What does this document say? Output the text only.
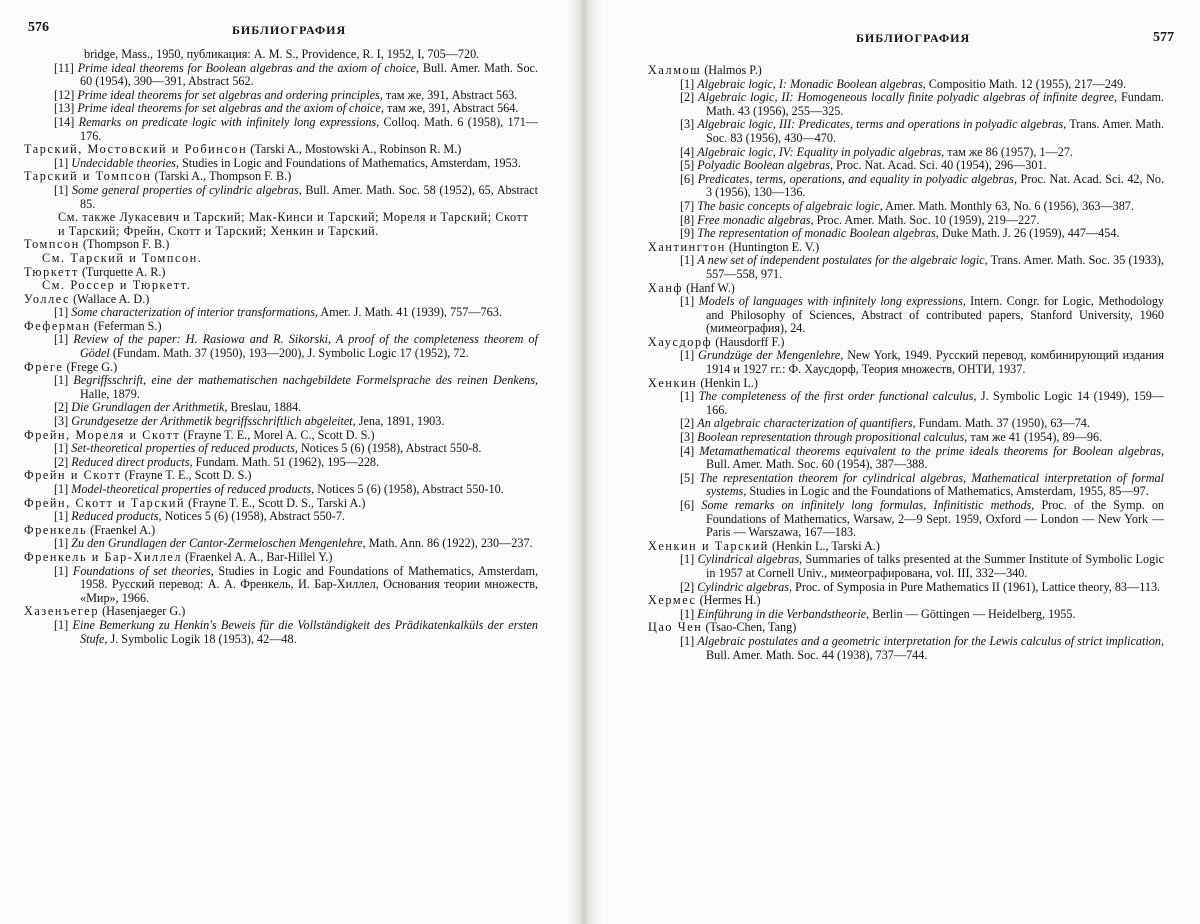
576	БИБЛИОГРАФИЯ
bridge, Mass., 1950, публикация: A. M. S., Providence, R. I, 1952, I, 705—720.
[11] Prime ideal theorems for Boolean algebras and the axiom of choice, Bull. Amer. Math. Soc. 60 (1954), 390—391, Abstract 562.
[12] Prime ideal theorems for set algebras and ordering principles, там же, 391, Abstract 563.
[13] Prime ideal theorems for set algebras and the axiom of choice, там же, 391, Abstract 564.
[14] Remarks on predicate logic with infinitely long expressions, Colloq. Math. 6 (1958), 171—176.
Тарский, Мостовский и Робинсон (Tarski A., Mostowski A., Robinson R. M.)
[1] Undecidable theories, Studies in Logic and Foundations of Mathematics, Amsterdam, 1953.
Тарский и Томпсон (Tarski A., Thompson F. B.)
[1] Some general properties of cylindric algebras, Bull. Amer. Math. Soc. 58 (1952), 65, Abstract 85.
См. также Лукасевич и Тарский; Мак-Кинси и Тарский; Мореля и Тарский; Скотт и Тарский; Фрейн, Скотт и Тарский; Хенкин и Тарский.
Томпсон (Thompson F. B.)
См. Тарский и Томпсон.
Тюркетт (Turquette A. R.)
См. Россер и Тюркетт.
Уоллес (Wallace A. D.)
[1] Some characterization of interior transformations, Amer. J. Math. 41 (1939), 757—763.
Феферман (Feferman S.)
[1] Review of the paper: H. Rasiowa and R. Sikorski, A proof of the completeness theorem of Gödel (Fundam. Math. 37 (1950), 193—200), J. Symbolic Logic 17 (1952), 72.
Фреге (Frege G.)
[1] Begriffsschrift, eine der mathematischen nachgebildete Formelsprache des reinen Denkens, Halle, 1879.
[2] Die Grundlagen der Arithmetik, Breslau, 1884.
[3] Grundgesetze der Arithmetik begriffsschriftlich abgeleitet, Jena, 1891, 1903.
Фрейн, Мореля и Скотт (Frayne T. E., Morel A. C., Scott D. S.)
[1] Set-theoretical properties of reduced products, Notices 5 (6) (1958), Abstract 550-8.
[2] Reduced direct products, Fundam. Math. 51 (1962), 195—228.
Фрейн и Скотт (Frayne T. E., Scott D. S.)
[1] Model-theoretical properties of reduced products, Notices 5 (6) (1958), Abstract 550-10.
Фрейн, Скотт и Тарский (Frayne T. E., Scott D. S., Tarski A.)
[1] Reduced products, Notices 5 (6) (1958), Abstract 550-7.
Френкель (Fraenkel A.)
[1] Zu den Grundlagen der Cantor-Zermeloschen Mengenlehre, Math. Ann. 86 (1922), 230—237.
Френкель и Бар-Хиллел (Fraenkel A. A., Bar-Hillel Y.)
[1] Foundations of set theories, Studies in Logic and Foundations of Mathematics, Amsterdam, 1958. Русский перевод: А. А. Френкель, И. Бар-Хиллел, Основания теории множеств, «Мир», 1966.
Хазенъегер (Hasenjaeger G.)
[1] Eine Bemerkung zu Henkin's Beweis für die Vollständigkeit des Prädikatenkalküls der ersten Stufe, J. Symbolic Logik 18 (1953), 42—48.
БИБЛИОГРАФИЯ	577
Халмош (Halmos P.)
[1] Algebraic logic, I: Monadic Boolean algebras, Compositio Math. 12 (1955), 217—249.
[2] Algebraic logic, II: Homogeneous locally finite polyadic algebras of infinite degree, Fundam. Math. 43 (1956), 255—325.
[3] Algebraic logic, III: Predicates, terms and operations in polyadic algebras, Trans. Amer. Math. Soc. 83 (1956), 430—470.
[4] Algebraic logic, IV: Equality in polyadic algebras, там же 86 (1957), 1—27.
[5] Polyadic Boolean algebras, Proc. Nat. Acad. Sci. 40 (1954), 296—301.
[6] Predicates, terms, operations, and equality in polyadic algebras, Proc. Nat. Acad. Sci. 42, No. 3 (1956), 130—136.
[7] The basic concepts of algebraic logic, Amer. Math. Monthly 63, No. 6 (1956), 363—387.
[8] Free monadic algebras, Proc. Amer. Math. Soc. 10 (1959), 219—227.
[9] The representation of monadic Boolean algebras, Duke Math. J. 26 (1959), 447—454.
Хантингтон (Huntington E. V.)
[1] A new set of independent postulates for the algebraic logic, Trans. Amer. Math. Soc. 35 (1933), 557—558, 971.
Ханф (Hanf W.)
[1] Models of languages with infinitely long expressions, Intern. Congr. for Logic, Methodology and Philosophy of Sciences, Abstract of contributed papers, Stanford University, 1960 (мимеография), 24.
Хаусдорф (Hausdorff F.)
[1] Grundzüge der Mengenlehre, New York, 1949. Русский перевод, комбинирующий издания 1914 и 1927 гг.: Ф. Хаусдорф, Теория множеств, ОНТИ, 1937.
Хенкин (Henkin L.)
[1] The completeness of the first order functional calculus, J. Symbolic Logic 14 (1949), 159—166.
[2] An algebraic characterization of quantifiers, Fundam. Math. 37 (1950), 63—74.
[3] Boolean representation through propositional calculus, там же 41 (1954), 89—96.
[4] Metamathematical theorems equivalent to the prime ideals theorems for Boolean algebras, Bull. Amer. Math. Soc. 60 (1954), 387—388.
[5] The representation theorem for cylindrical algebras, Mathematical interpretation of formal systems, Studies in Logic and the Foundations of Mathematics, Amsterdam, 1955, 85—97.
[6] Some remarks on infinitely long formulas, Infinitistic methods, Proc. of the Symp. on Foundations of Mathematics, Warsaw, 2—9 Sept. 1959, Oxford — London — New York — Paris — Warszawa, 167—183.
Хенкин и Тарский (Henkin L., Tarski A.)
[1] Cylindrical algebras, Summaries of talks presented at the Summer Institute of Symbolic Logic in 1957 at Cornell Univ., мимеографирована, vol. III, 332—340.
[2] Cylindric algebras, Proc. of Symposia in Pure Mathematics II (1961), Lattice theory, 83—113.
Хермес (Hermes H.)
[1] Einführung in die Verbandstheorie, Berlin — Göttingen — Heidelberg, 1955.
Цао Чен (Tsao-Chen, Tang)
[1] Algebraic postulates and a geometric interpretation for the Lewis calculus of strict implication, Bull. Amer. Math. Soc. 44 (1938), 737—744.
